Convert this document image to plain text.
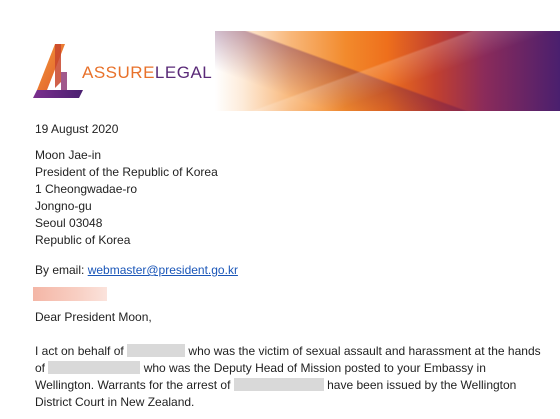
ASSURELEGAL
19 August 2020
Moon Jae-in
President of the Republic of Korea
1 Cheongwadae-ro
Jongno-gu
Seoul 03048
Republic of Korea
By email: webmaster@president.go.kr
Dear President Moon,
I act on behalf of	who was the victim of sexual assault and harassment at the hands
of	who was the Deputy Head of Mission posted to your Embassy in
Wellington. Warrants for the arrest of	have been issued by the Wellington
District Court in New Zealand.
